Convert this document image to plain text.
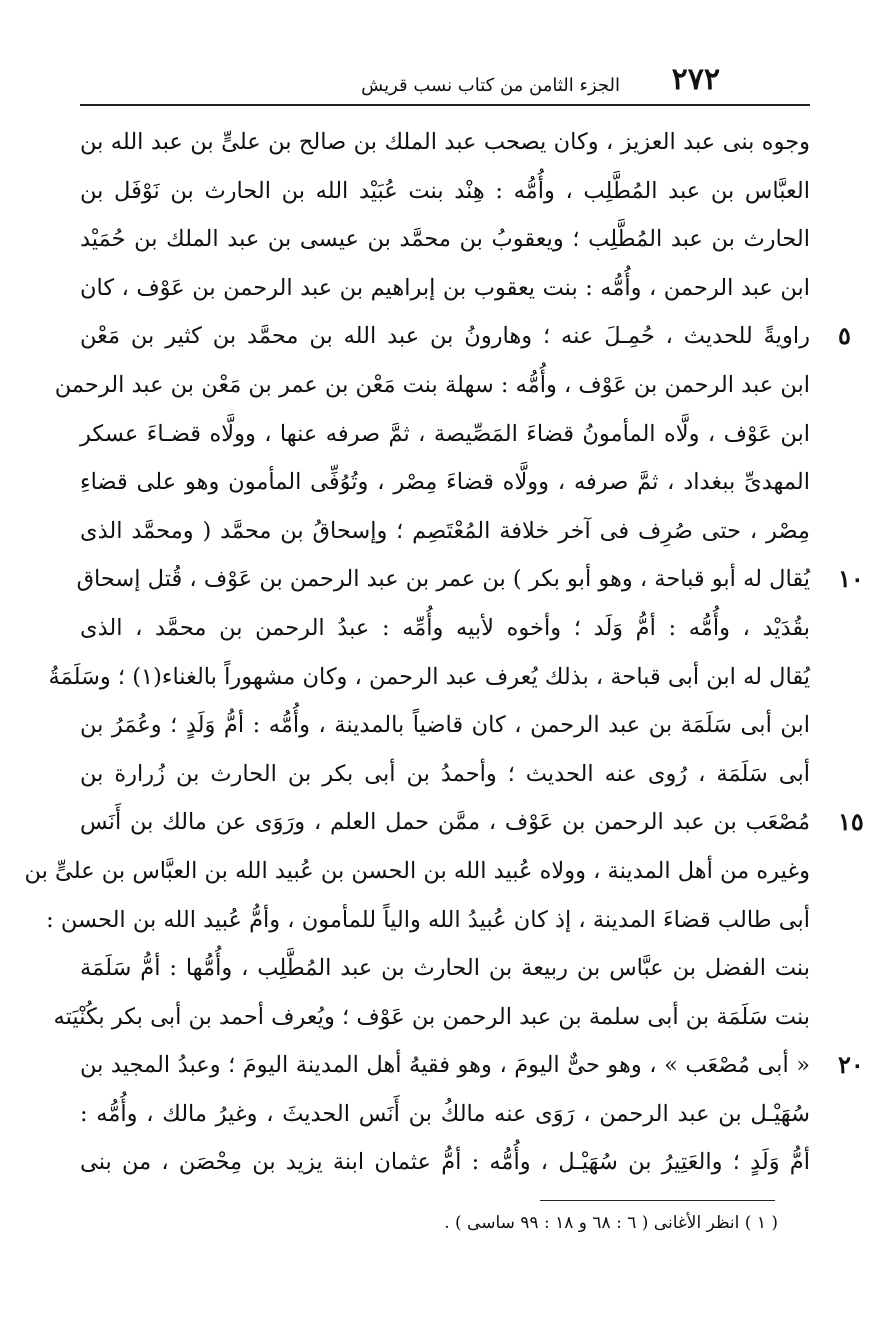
٢٧٢
الجزء الثامن من كتاب نسب قريش
وجوه بنى عبد العزيز ، وكان يصحب عبد الملك بن صالح بن علىٍّ بن عبد الله بن
العبَّاس بن عبد المُطَّلِب ، وأُمُّه : هِنْد بنت عُبَيْد الله بن الحارث بن نَوْفَل بن
الحارث بن عبد المُطَّلِب ؛ ويعقوبُ بن محمَّد بن عيسى بن عبد الملك بن حُمَيْد
ابن عبد الرحمن ، وأُمُّه : بنت يعقوب بن إبراهيم بن عبد الرحمن بن عَوْف ، كان
راويةً للحديث ، حُمِـلَ عنه ؛ وهارونُ بن عبد الله بن محمَّد بن كثير بن مَعْن ٥
ابن عبد الرحمن بن عَوْف ، وأُمُّه : سهلة بنت مَعْن بن عمر بن مَعْن بن عبد الرحمن
ابن عَوْف ، ولَّاه المأمونُ قضاءَ المَصِّيصة ، ثمَّ صرفه عنها ، وولَّاه قضـاءَ عسكر
المهدىِّ ببغداد ، ثمَّ صرفه ، وولَّاه قضاءَ مِصْر ، وتُوُفِّى المأمون وهو على قضاءِ
مِصْر ، حتى صُرِف فى آخر خلافة المُعْتَصِم ؛ وإسحاقُ بن محمَّد ( ومحمَّد الذى
يُقال له أبو قباحة ، وهو أبو بكر ) بن عمر بن عبد الرحمن بن عَوْف ، قُتل إسحاق ١٠
بقُدَيْد ، وأُمُّه : أمُّ وَلَد ؛ وأخوه لأبيه وأُمِّه : عبدُ الرحمن بن محمَّد ، الذى
يُقال له ابن أبى قباحة ، بذلك يُعرف عبد الرحمن ، وكان مشهوراً بالغناء(١) ؛ وسَلَمَةُ
ابن أبى سَلَمَة بن عبد الرحمن ، كان قاضياً بالمدينة ، وأُمُّه : أمُّ وَلَدٍ ؛ وعُمَرُ بن
أبى سَلَمَة ، رُوى عنه الحديث ؛ وأحمدُ بن أبى بكر بن الحارث بن زُرارة بن
مُصْعَب بن عبد الرحمن بن عَوْف ، ممَّن حمل العلم ، ورَوَى عن مالك بن أَنَس ١٥
وغيره من أهل المدينة ، وولاه عُبيد الله بن الحسن بن عُبيد الله بن العبَّاس بن علىٍّ بن
أبى طالب قضاءَ المدينة ، إذ كان عُبيدُ الله والياً للمأمون ، وأمُّ عُبيد الله بن الحسن :
بنت الفضل بن عبَّاس بن ربيعة بن الحارث بن عبد المُطَّلِب ، وأُمُّها : أمُّ سَلَمَة
بنت سَلَمَة بن أبى سلمة بن عبد الرحمن بن عَوْف ؛ ويُعرف أحمد بن أبى بكر بكُنْيَته
« أبى مُصْعَب » ، وهو حىٌّ اليومَ ، وهو فقيهُ أهل المدينة اليومَ ؛ وعبدُ المجيد بن ٢٠
سُهَيْـل بن عبد الرحمن ، رَوَى عنه مالكُ بن أَنَس الحديثَ ، وغيرُ مالك ، وأُمُّه :
أمُّ وَلَدٍ ؛ والعَتِيرُ بن سُهَيْـل ، وأُمُّه : أمُّ عثمان ابنة يزيد بن مِحْصَن ، من بنى
( ١ ) انظر الأغانى ( ٦ : ٦٨ و ١٨ : ٩٩ ساسى ) .
